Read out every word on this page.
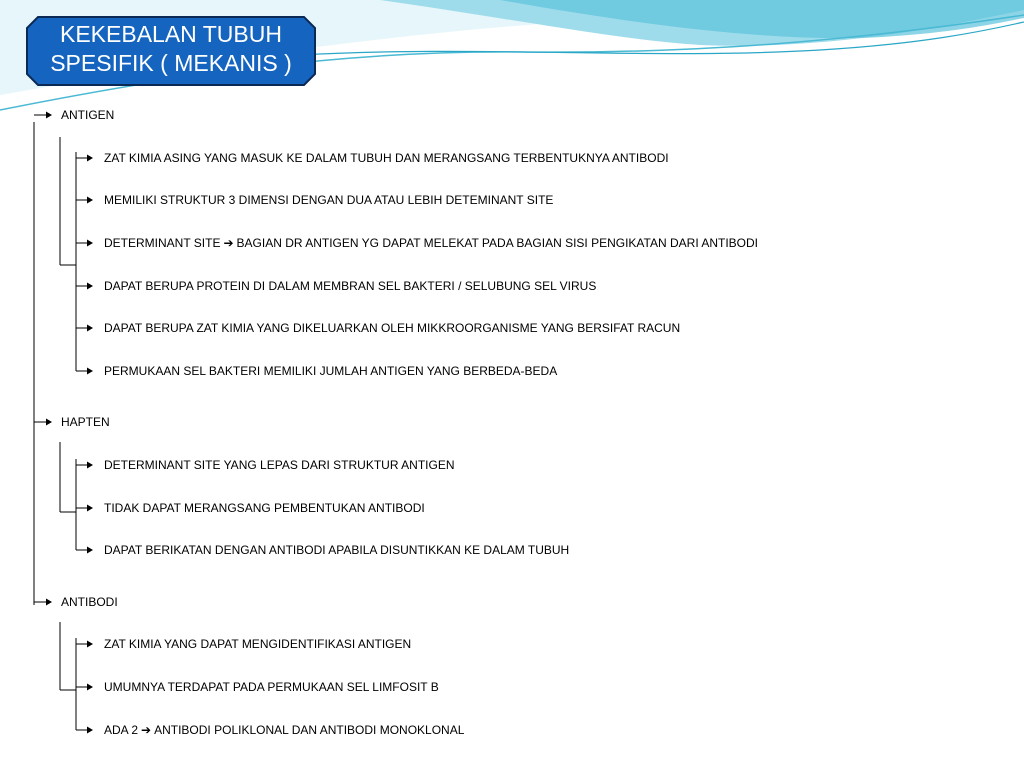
KEKEBALAN TUBUH
SPESIFIK ( MEKANIS )
ANTIGEN
ZAT KIMIA ASING YANG MASUK KE DALAM TUBUH DAN MERANGSANG TERBENTUKNYA ANTIBODI
MEMILIKI STRUKTUR 3 DIMENSI DENGAN DUA ATAU LEBIH DETEMINANT SITE
DETERMINANT SITE ➔ BAGIAN DR ANTIGEN YG DAPAT MELEKAT PADA BAGIAN SISI PENGIKATAN DARI ANTIBODI
DAPAT BERUPA PROTEIN DI DALAM MEMBRAN SEL BAKTERI / SELUBUNG SEL VIRUS
DAPAT BERUPA ZAT KIMIA YANG DIKELUARKAN OLEH MIKKROORGANISME YANG BERSIFAT RACUN
PERMUKAAN SEL BAKTERI MEMILIKI JUMLAH ANTIGEN YANG BERBEDA-BEDA
HAPTEN
DETERMINANT SITE YANG LEPAS DARI STRUKTUR ANTIGEN
TIDAK DAPAT MERANGSANG PEMBENTUKAN ANTIBODI
DAPAT BERIKATAN DENGAN ANTIBODI APABILA DISUNTIKKAN KE DALAM TUBUH
ANTIBODI
ZAT KIMIA YANG DAPAT MENGIDENTIFIKASI ANTIGEN
UMUMNYA TERDAPAT PADA PERMUKAAN SEL LIMFOSIT B
ADA 2 ➔ ANTIBODI POLIKLONAL DAN ANTIBODI MONOKLONAL
